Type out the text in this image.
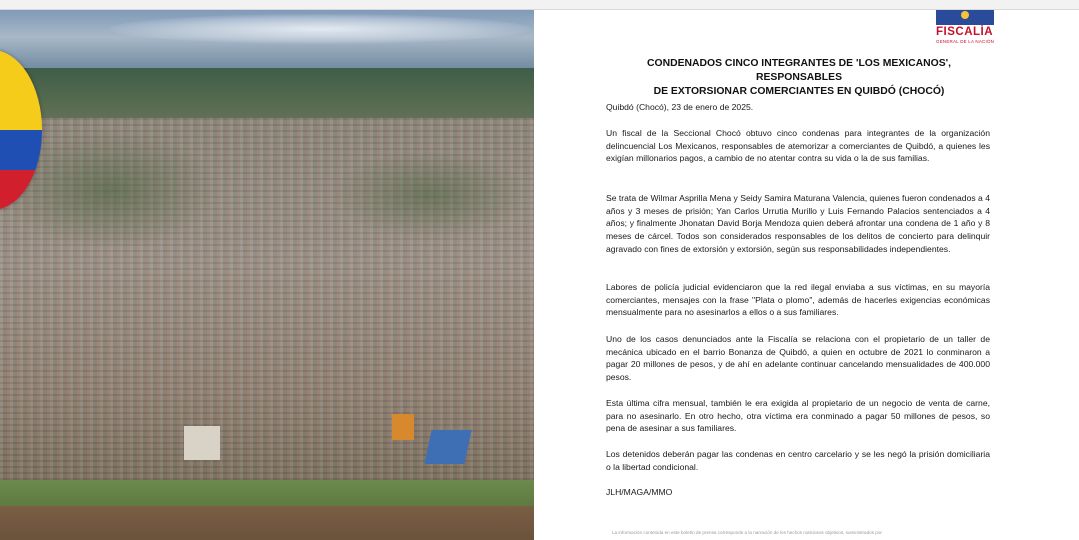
FISCALÍA
GENERAL DE LA NACIÓN
CONDENADOS CINCO INTEGRANTES DE 'LOS MEXICANOS', RESPONSABLES
DE EXTORSIONAR COMERCIANTES EN QUIBDÓ (CHOCÓ)

Quibdó (Chocó), 23 de enero de 2025.

Un fiscal de la Seccional Chocó obtuvo cinco condenas para integrantes de la organización delincuencial Los Mexicanos, responsables de atemorizar a comerciantes de Quibdó, a quienes les exigían millonarios pagos, a cambio de no atentar contra su vida o la de sus familias.

Se trata de Wilmar Asprilla Mena y Seidy Samira Maturana Valencia, quienes fueron condenados a 4 años y 3 meses de prisión; Yan Carlos Urrutia Murillo y Luis Fernando Palacios sentenciados a 4 años; y finalmente Jhonatan David Borja Mendoza quien deberá afrontar una condena de 1 año y 8 meses de cárcel. Todos son considerados responsables de los delitos de concierto para delinquir agravado con fines de extorsión y extorsión, según sus responsabilidades independientes.

Labores de policía judicial evidenciaron que la red ilegal enviaba a sus víctimas, en su mayoría comerciantes, mensajes con la frase "Plata o plomo", además de hacerles exigencias económicas mensualmente para no asesinarlos a ellos o a sus familiares.

Uno de los casos denunciados ante la Fiscalía se relaciona con el propietario de un taller de mecánica ubicado en el barrio Bonanza de Quibdó, a quien en octubre de 2021 lo conminaron a pagar 20 millones de pesos, y de ahí en adelante continuar cancelando mensualidades de 400.000 pesos.

Esta última cifra mensual, también le era exigida al propietario de un negocio de venta de carne, para no asesinarlo. En otro hecho, otra víctima era conminado a pagar 50 millones de pesos, so pena de asesinar a sus familiares.

Los detenidos deberán pagar las condenas en centro carcelario y se les negó la prisión domiciliaria o la libertad condicional.

JLH/MAGA/MMO

La información contenida en este boletín de prensa corresponde a la narración de los hechos noticiosos objetivos, suministrados por
